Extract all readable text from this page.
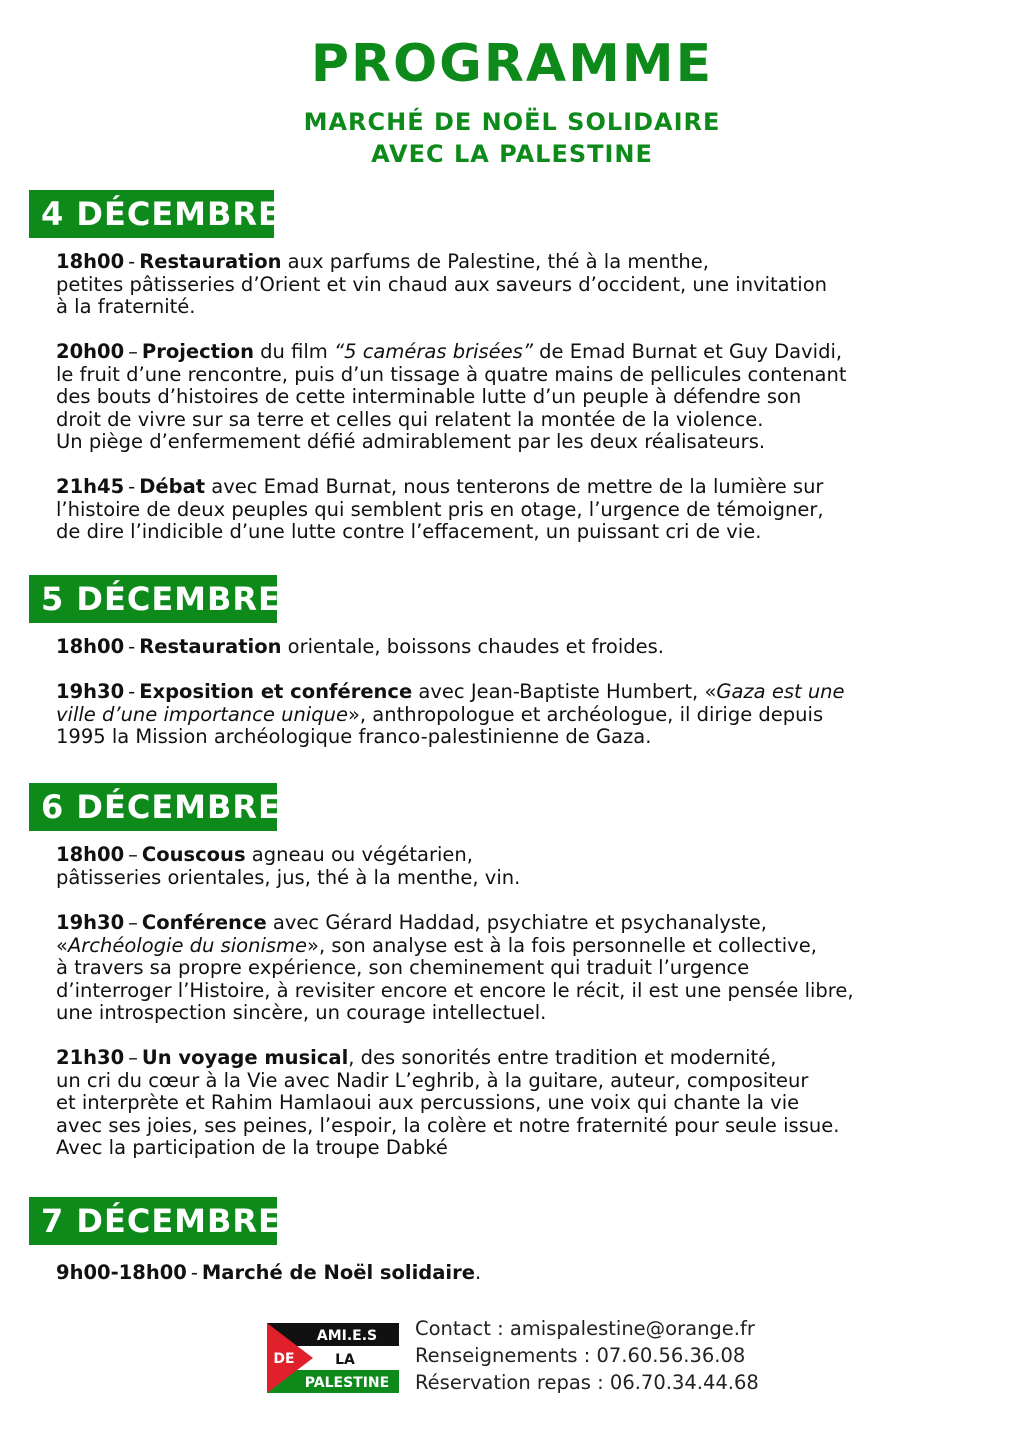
PROGRAMME
MARCHÉ DE NOËL SOLIDAIRE
AVEC LA PALESTINE
4 DÉCEMBRE
18h00 - Restauration aux parfums de Palestine, thé à la menthe,
petites pâtisseries d’Orient et vin chaud aux saveurs d’occident, une invitation
à la fraternité.
20h00 – Projection du film “5 caméras brisées” de Emad Burnat et Guy Davidi,
le fruit d’une rencontre, puis d’un tissage à quatre mains de pellicules contenant
des bouts d’histoires de cette interminable lutte d’un peuple à défendre son
droit de vivre sur sa terre et celles qui relatent la montée de la violence.
Un piège d’enfermement défié admirablement par les deux réalisateurs.
21h45 - Débat avec Emad Burnat, nous tenterons de mettre de la lumière sur
l’histoire de deux peuples qui semblent pris en otage, l’urgence de témoigner,
de dire l’indicible d’une lutte contre l’effacement, un puissant cri de vie.
5 DÉCEMBRE
18h00 - Restauration orientale, boissons chaudes et froides.
19h30 - Exposition et conférence avec Jean-Baptiste Humbert, «Gaza est une
ville d’une importance unique», anthropologue et archéologue, il dirige depuis
1995 la Mission archéologique franco-palestinienne de Gaza.
6 DÉCEMBRE
18h00 – Couscous agneau ou végétarien,
pâtisseries orientales, jus, thé à la menthe, vin.
19h30 – Conférence avec Gérard Haddad, psychiatre et psychanalyste,
«Archéologie du sionisme», son analyse est à la fois personnelle et collective,
à travers sa propre expérience, son cheminement qui traduit l’urgence
d’interroger l’Histoire, à revisiter encore et encore le récit, il est une pensée libre,
une introspection sincère, un courage intellectuel.
21h30 – Un voyage musical, des sonorités entre tradition et modernité,
un cri du cœur à la Vie avec Nadir L’eghrib, à la guitare, auteur, compositeur
et interprète et Rahim Hamlaoui aux percussions, une voix qui chante la vie
avec ses joies, ses peines, l’espoir, la colère et notre fraternité pour seule issue.
Avec la participation de la troupe Dabké
7 DÉCEMBRE
9h00-18h00 - Marché de Noël solidaire.
AMI.E.S
DE	LA
PALESTINE
Contact : amispalestine@orange.fr
Renseignements : 07.60.56.36.08
Réservation repas : 06.70.34.44.68
